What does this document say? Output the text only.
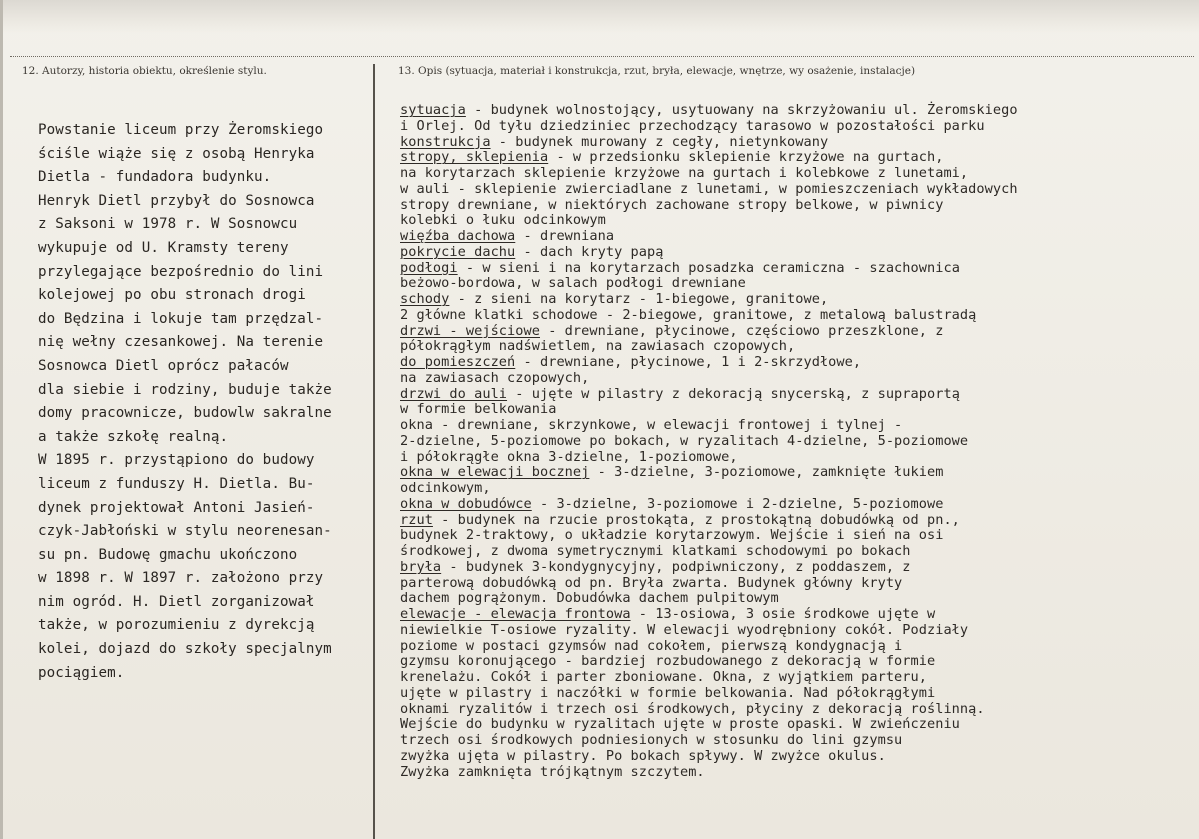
12. Autorzy, historia obiektu, określenie stylu.	13. Opis (sytuacja, materiał i konstrukcja, rzut, bryła, elewacje, wnętrze, wy osażenie, instalacje)
Powstanie liceum przy Żeromskiego
ściśle wiąże się z osobą Henryka
Dietla - fundadora budynku.
Henryk Dietl przybył do Sosnowca
z Saksoni w 1978 r. W Sosnowcu
wykupuje od U. Kramsty tereny
przylegające bezpośrednio do lini
kolejowej po obu stronach drogi
do Będzina i lokuje tam przędzal-
nię wełny czesankowej. Na terenie
Sosnowca Dietl oprócz pałaców
dla siebie i rodziny, buduje także
domy pracownicze, budowlw sakralne
a także szkołę realną.
W 1895 r. przystąpiono do budowy
liceum z funduszy H. Dietla. Bu-
dynek projektował Antoni Jasień-
czyk-Jabłoński w stylu neorenesan-
su pn. Budowę gmachu ukończono
w 1898 r. W 1897 r. założono przy
nim ogród. H. Dietl zorganizował
także, w porozumieniu z dyrekcją
kolei, dojazd do szkoły specjalnym
pociągiem.
sytuacja - budynek wolnostojący, usytuowany na skrzyżowaniu ul. Żeromskiego
i Orlej. Od tyłu dziedziniec przechodzący tarasowo w pozostałości parku
konstrukcja - budynek murowany z cegły, nietynkowany
stropy, sklepienia - w przedsionku sklepienie krzyżowe na gurtach,
na korytarzach sklepienie krzyżowe na gurtach i kolebkowe z lunetami,
w auli - sklepienie zwierciadlane z lunetami, w pomieszczeniach wykładowych
stropy drewniane, w niektórych zachowane stropy belkowe, w piwnicy
kolebki o łuku odcinkowym
więźba dachowa - drewniana
pokrycie dachu - dach kryty papą
podłogi - w sieni i na korytarzach posadzka ceramiczna - szachownica
beżowo-bordowa, w salach podłogi drewniane
schody - z sieni na korytarz - 1-biegowe, granitowe,
2 główne klatki schodowe - 2-biegowe, granitowe, z metalową balustradą
drzwi - wejściowe - drewniane, płycinowe, częściowo przeszklone, z
półokrągłym nadświetlem, na zawiasach czopowych,
do pomieszczeń - drewniane, płycinowe, 1 i 2-skrzydłowe,
na zawiasach czopowych,
drzwi do auli - ujęte w pilastry z dekoracją snycerską, z supraportą
w formie belkowania
okna - drewniane, skrzynkowe, w elewacji frontowej i tylnej -
2-dzielne, 5-poziomowe po bokach, w ryzalitach 4-dzielne, 5-poziomowe
i półokrągłe okna 3-dzielne, 1-poziomowe,
okna w elewacji bocznej - 3-dzielne, 3-poziomowe, zamknięte łukiem
odcinkowym,
okna w dobudówce - 3-dzielne, 3-poziomowe i 2-dzielne, 5-poziomowe
rzut - budynek na rzucie prostokąta, z prostokątną dobudówką od pn.,
budynek 2-traktowy, o układzie korytarzowym. Wejście i sień na osi
środkowej, z dwoma symetrycznymi klatkami schodowymi po bokach
bryła - budynek 3-kondygnycyjny, podpiwniczony, z poddaszem, z
parterową dobudówką od pn. Bryła zwarta. Budynek główny kryty
dachem pogrążonym. Dobudówka dachem pulpitowym
elewacje - elewacja frontowa - 13-osiowa, 3 osie środkowe ujęte w
niewielkie T-osiowe ryzality. W elewacji wyodrębniony cokół. Podziały
poziome w postaci gzymsów nad cokołem, pierwszą kondygnacją i
gzymsu koronującego - bardziej rozbudowanego z dekoracją w formie
krenelażu. Cokół i parter zboniowane. Okna, z wyjątkiem parteru,
ujęte w pilastry i naczółki w formie belkowania. Nad półokrągłymi
oknami ryzalitów i trzech osi środkowych, płyciny z dekoracją roślinną.
Wejście do budynku w ryzalitach ujęte w proste opaski. W zwieńczeniu
trzech osi środkowych podniesionych w stosunku do lini gzymsu
zwyżka ujęta w pilastry. Po bokach spływy. W zwyżce okulus.
Zwyżka zamknięta trójkątnym szczytem.
